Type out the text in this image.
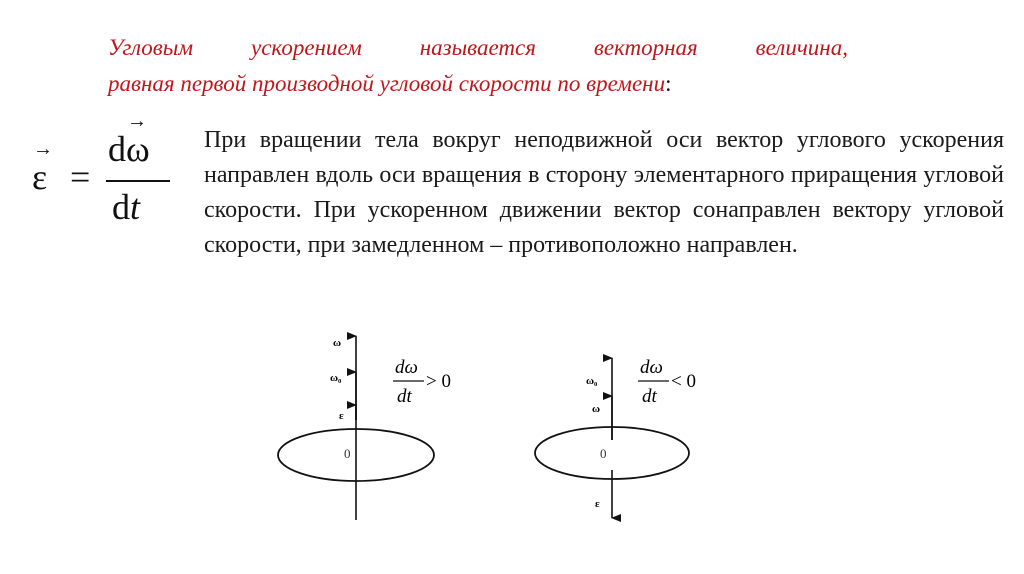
Угловым	ускорением	называется	векторная	величина,
равная первой производной угловой скорости по времени:
→ ε =
d→ ω
dt

При вращении тела вокруг неподвижной оси вектор углового ускорения направлен вдоль оси вращения в сторону элементарного приращения угловой скорости. При ускоренном движении вектор сонаправлен вектору угловой скорости, при замедленном – противоположно направлен.

ω
ω₀
ε
0
dω
dt
> 0	ω₀
ω
ε
0
dω
dt
< 0
